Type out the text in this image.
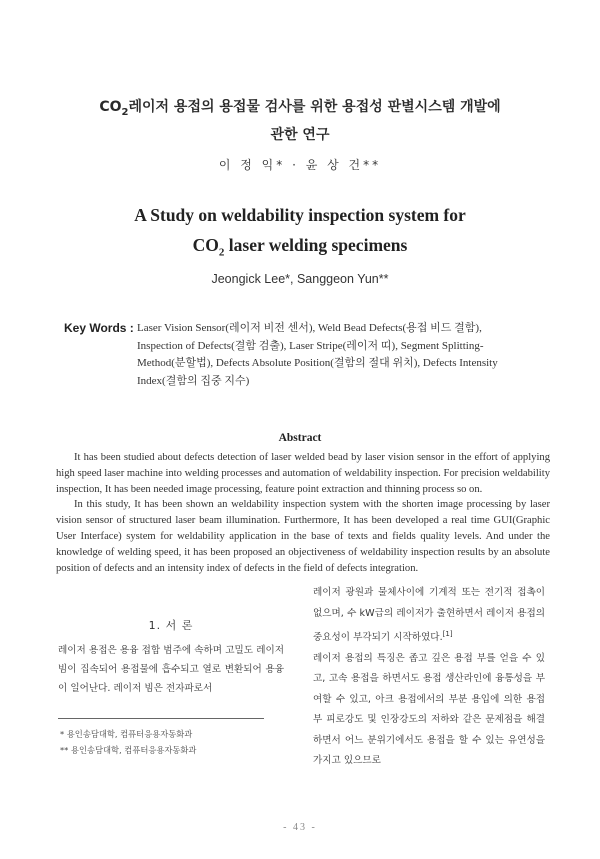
$CO_2$레이저 용접의 용접물 검사를 위한 용접성 판별시스템 개발에
관한 연구
이 정 익* · 윤 상 건**
A Study on weldability inspection system for
$CO_2$ laser welding specimens
Jeongick Lee*, Sanggeon Yun**
Key Words : Laser Vision Sensor(레이저 비전 센서), Weld Bead Defects(용접 비드 결함),
Inspection of Defects(결함 검출), Laser Stripe(레이저 띠), Segment Splitting-
Method(분할법), Defects Absolute Position(결함의 절대 위치), Defects Intensity
Index(결함의 집중 지수)
Abstract

It has been studied about defects detection of laser welded bead by laser vision sensor in the effort of applying high speed laser machine into welding processes and automation of weldability inspection. For precision weldability inspection, It has been needed image processing, feature point extraction and thinning process so on.

In this study, It has been shown an weldability inspection system with the shorten image processing by laser vision sensor of structured laser beam illumination. Furthermore, It has been developed a real time GUI(Graphic User Interface) system for weldability application in the base of texts and fields quality levels. And under the knowledge of welding speed, it has been proposed an objectiveness of weldability inspection results by an absolute position of defects and an intensity index of defects in the field of defects integration.

1. 서 론
레이저 용접은 용융 접합 범주에 속하며 고밀도 레이저 빔이 집속되어 용접물에 흡수되고 열로 변환되어 용융이 일어난다. 레이저 빔은 전자파로서
레이저 광원과 물체사이에 기계적 또는 전기적 접촉이 없으며, 수 kW급의 레이저가 출현하면서 레이저 용접의 중요성이 부각되기 시작하였다.[1]
레이저 용접의 특징은 좁고 깊은 용접 부를 얻을 수 있고, 고속 용접을 하면서도 용접 생산라인에 융통성을 부여할 수 있고, 아크 용접에서의 부분 용입에 의한 용접 부 피로강도 및 인장강도의 저하와 같은 문제점을 해결하면서 어느 분위기에서도 용접을 할 수 있는 유연성을 가지고 있으므로
* 용인송담대학, 컴퓨터응용자동화과
** 용인송담대학, 컴퓨터응용자동화과
- 43 -
